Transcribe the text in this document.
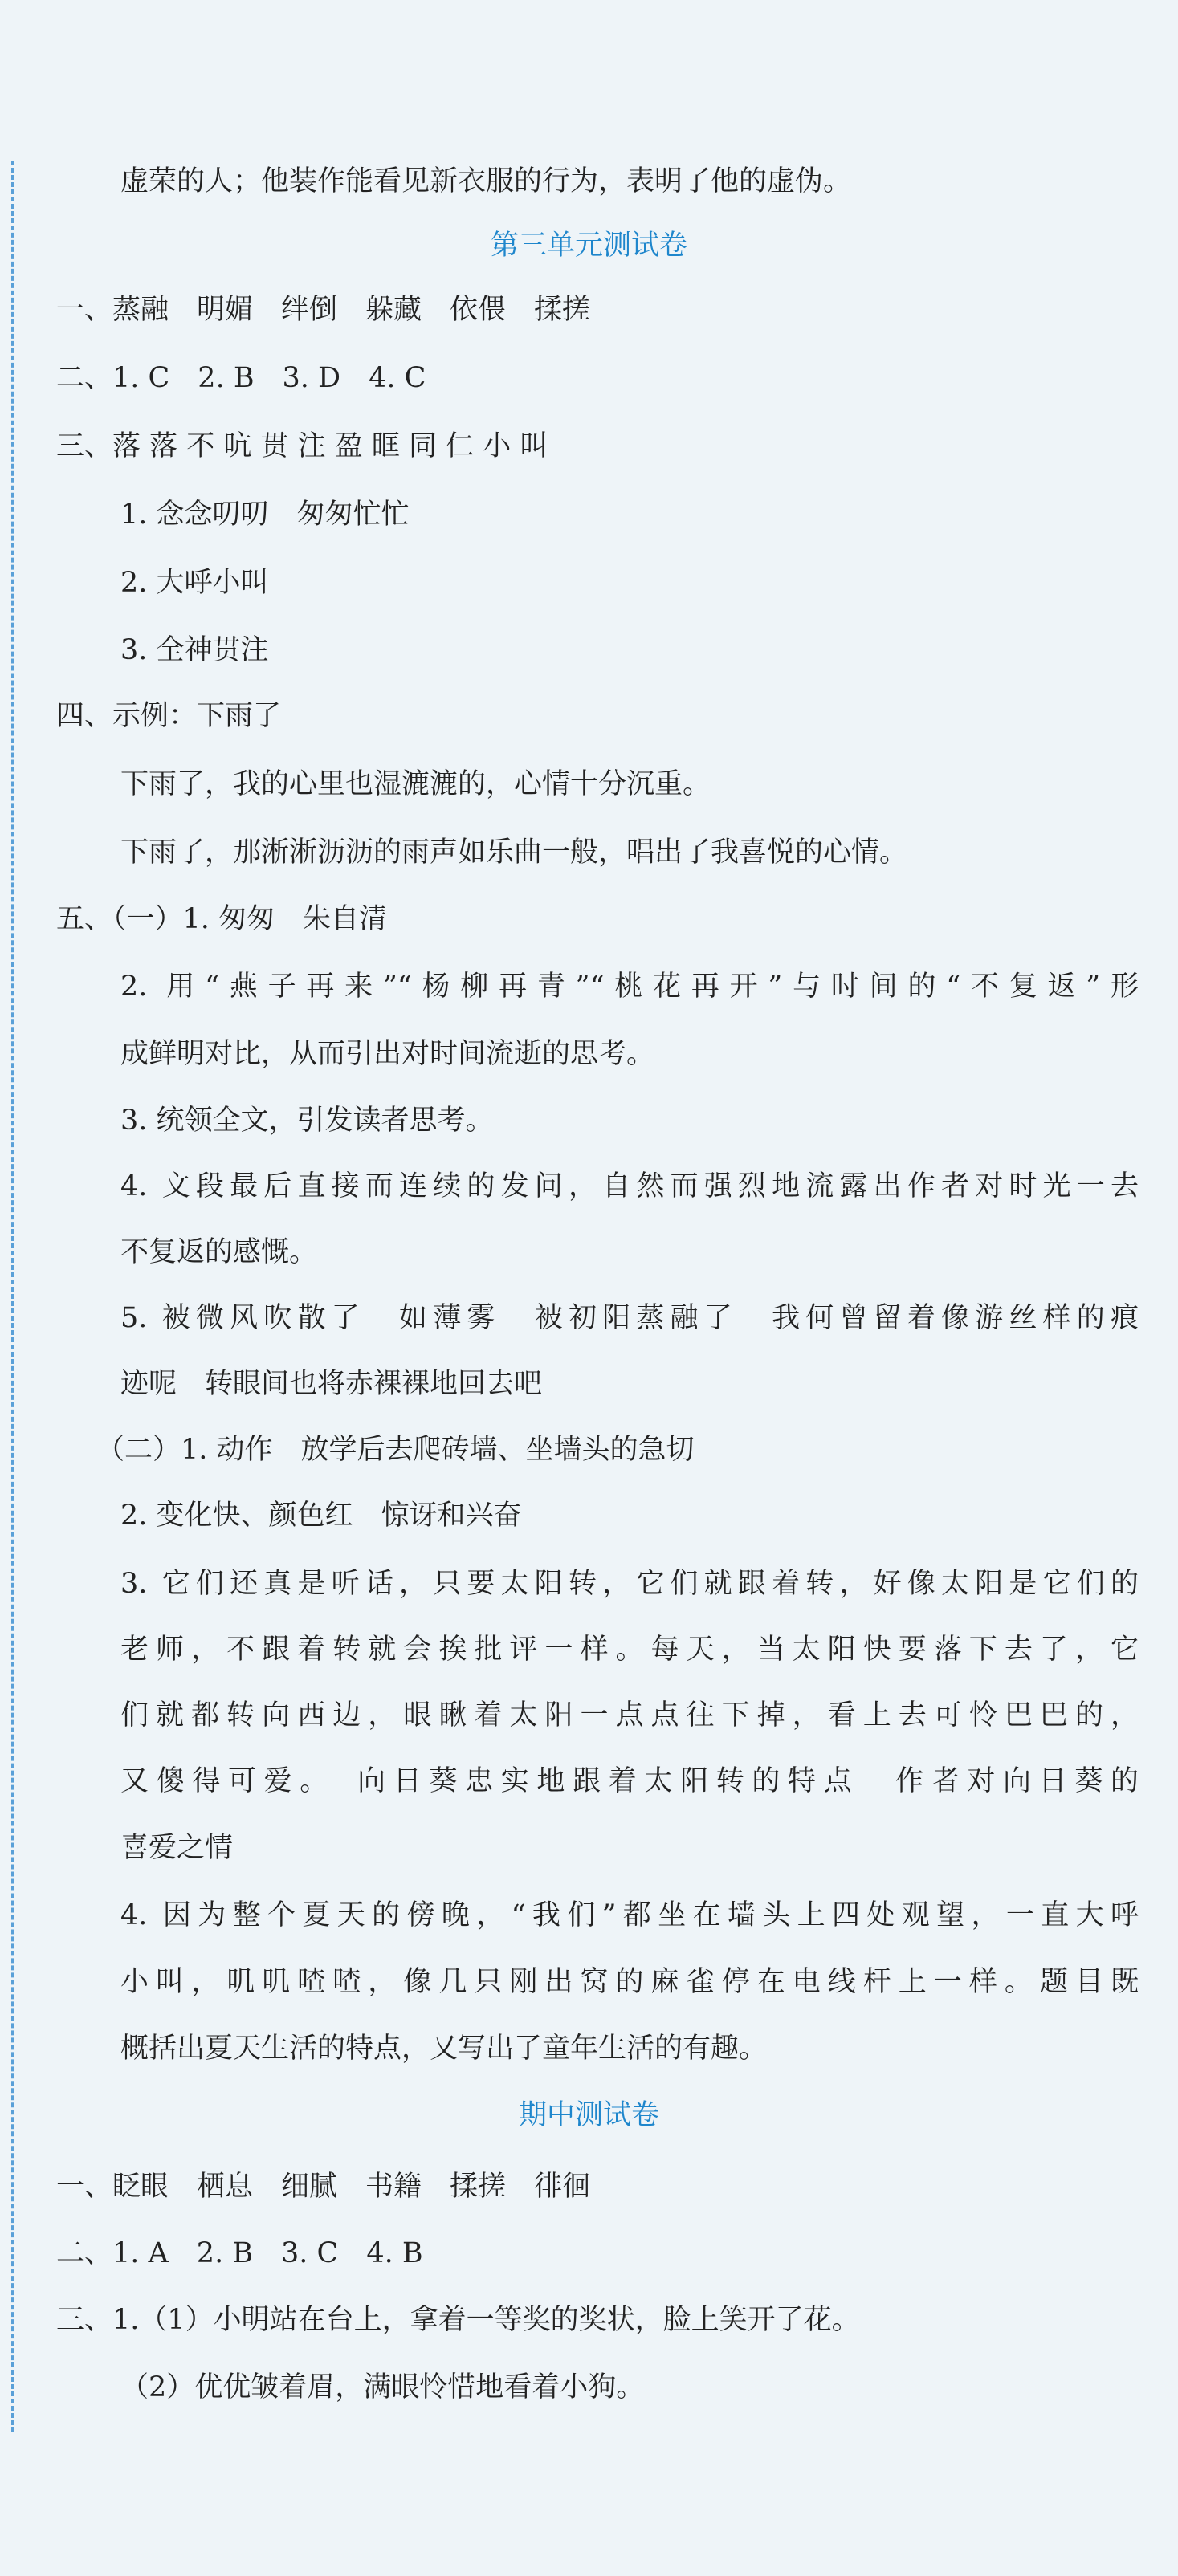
虚荣的人；他装作能看见新衣服的行为，表明了他的虚伪。
第三单元测试卷
一、蒸融　明媚　绊倒　躲藏　依偎　揉搓
二、1. C　2. B　3. D　4. C
三、落 落 不 吭 贯 注 盈 眶 同 仁 小 叫
1. 念念叨叨　匆匆忙忙
2. 大呼小叫
3. 全神贯注
四、示例：下雨了
下雨了，我的心里也湿漉漉的，心情十分沉重。
下雨了，那淅淅沥沥的雨声如乐曲一般，唱出了我喜悦的心情。
五、（一）1. 匆匆　朱自清
2. 用“燕子再来”“杨柳再青”“桃花再开”与时间的“不复返”形
成鲜明对比，从而引出对时间流逝的思考。
3. 统领全文，引发读者思考。
4. 文段最后直接而连续的发问，自然而强烈地流露出作者对时光一去
不复返的感慨。
5. 被微风吹散了　如薄雾　被初阳蒸融了　我何曾留着像游丝样的痕
迹呢　转眼间也将赤裸裸地回去吧
（二）1. 动作　放学后去爬砖墙、坐墙头的急切
2. 变化快、颜色红　惊讶和兴奋
3. 它们还真是听话，只要太阳转，它们就跟着转，好像太阳是它们的
老师，不跟着转就会挨批评一样。每天，当太阳快要落下去了，它
们就都转向西边，眼瞅着太阳一点点往下掉，看上去可怜巴巴的，
又傻得可爱。　向日葵忠实地跟着太阳转的特点　作者对向日葵的
喜爱之情
4. 因为整个夏天的傍晚，“我们”都坐在墙头上四处观望，一直大呼
小叫，叽叽喳喳，像几只刚出窝的麻雀停在电线杆上一样。题目既
概括出夏天生活的特点，又写出了童年生活的有趣。
期中测试卷
一、眨眼　栖息　细腻　书籍　揉搓　徘徊
二、1. A　2. B　3. C　4. B
三、1.（1）小明站在台上，拿着一等奖的奖状，脸上笑开了花。
（2）优优皱着眉，满眼怜惜地看着小狗。
